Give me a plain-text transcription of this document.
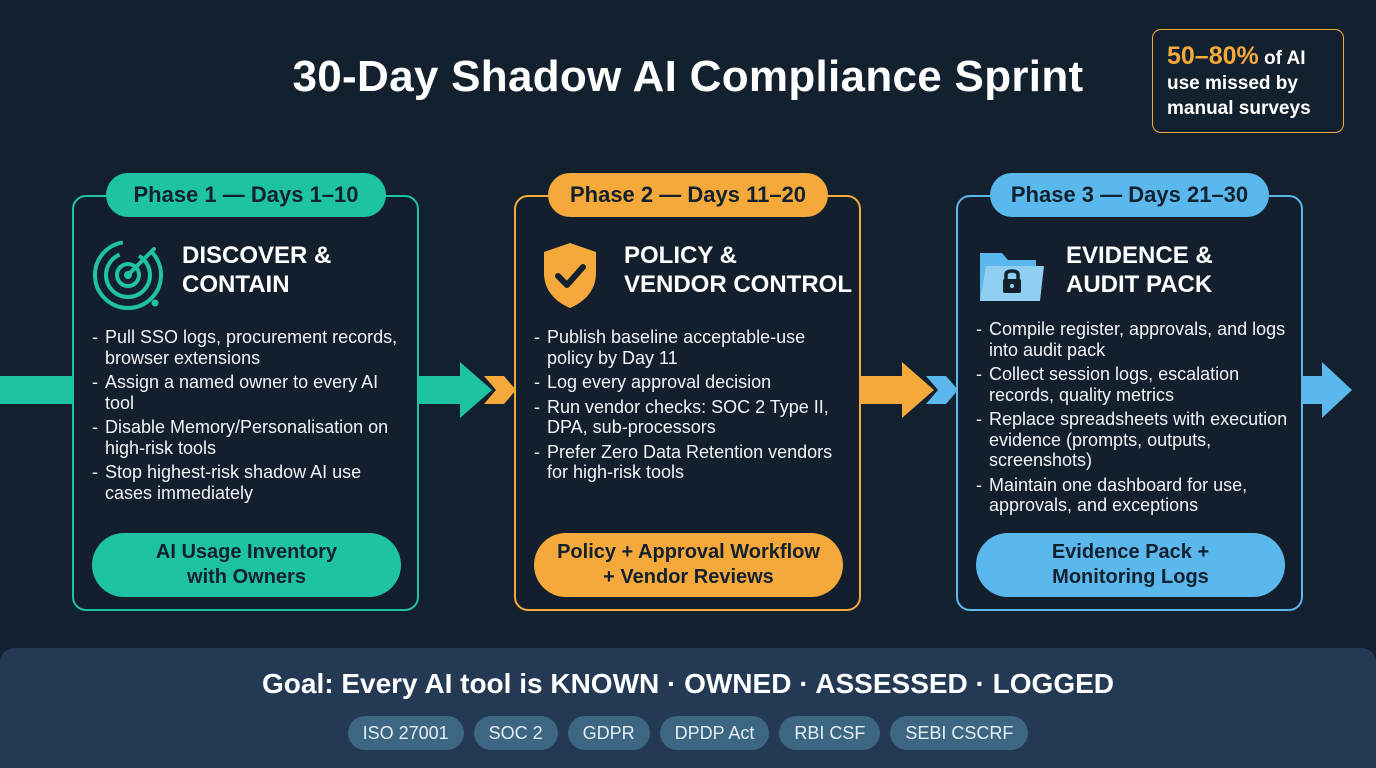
30-Day Shadow AI Compliance Sprint	50–80% of AI
use missed by
manual surveys
DISCOVER &
CONTAIN
- Pull SSO logs, procurement records, browser extensions
- Assign a named owner to every AI tool
- Disable Memory/Personalisation on high-risk tools
- Stop highest-risk shadow AI use cases immediately
AI Usage Inventory
with Owners
POLICY &
VENDOR CONTROL
- Publish baseline acceptable-use policy by Day 11
- Log every approval decision
- Run vendor checks: SOC 2 Type II, DPA, sub-processors
- Prefer Zero Data Retention vendors for high-risk tools
Policy + Approval Workflow
+ Vendor Reviews
EVIDENCE &
AUDIT PACK
- Compile register, approvals, and logs into audit pack
- Collect session logs, escalation records, quality metrics
- Replace spreadsheets with execution evidence (prompts, outputs, screenshots)
- Maintain one dashboard for use, approvals, and exceptions
Evidence Pack +
Monitoring Logs
Phase 1 — Days 1–10	Phase 2 — Days 11–20	Phase 3 — Days 21–30
Goal: Every AI tool is KNOWN · OWNED · ASSESSED · LOGGED
ISO 27001	SOC 2	GDPR	DPDP Act	RBI CSF	SEBI CSCRF
